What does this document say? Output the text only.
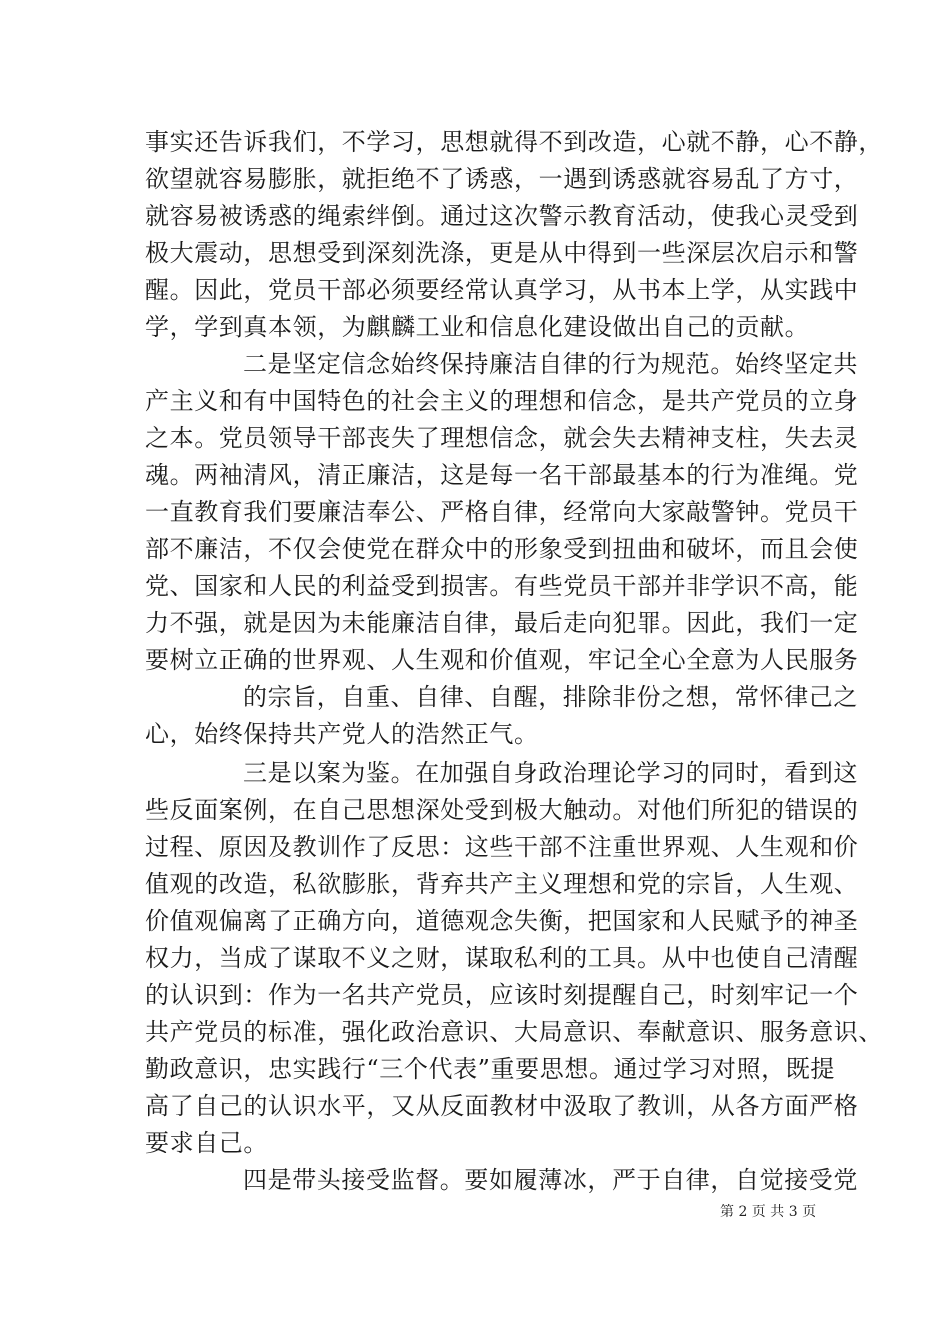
事实还告诉我们，不学习，思想就得不到改造，心就不静，心不静，

欲望就容易膨胀，就拒绝不了诱惑，一遇到诱惑就容易乱了方寸，

就容易被诱惑的绳索绊倒。通过这次警示教育活动，使我心灵受到

极大震动，思想受到深刻洗涤，更是从中得到一些深层次启示和警

醒。因此，党员干部必须要经常认真学习，从书本上学，从实践中

学，学到真本领，为麒麟工业和信息化建设做出自己的贡献。

二是坚定信念始终保持廉洁自律的行为规范。始终坚定共

产主义和有中国特色的社会主义的理想和信念，是共产党员的立身

之本。党员领导干部丧失了理想信念，就会失去精神支柱，失去灵

魂。两袖清风，清正廉洁，这是每一名干部最基本的行为准绳。党

一直教育我们要廉洁奉公、严格自律，经常向大家敲警钟。党员干

部不廉洁，不仅会使党在群众中的形象受到扭曲和破坏，而且会使

党、国家和人民的利益受到损害。有些党员干部并非学识不高，能

力不强，就是因为未能廉洁自律，最后走向犯罪。因此，我们一定

要树立正确的世界观、人生观和价值观，牢记全心全意为人民服务

的宗旨，自重、自律、自醒，排除非份之想，常怀律己之

心，始终保持共产党人的浩然正气。

三是以案为鉴。在加强自身政治理论学习的同时，看到这

些反面案例，在自己思想深处受到极大触动。对他们所犯的错误的

过程、原因及教训作了反思：这些干部不注重世界观、人生观和价

值观的改造，私欲膨胀，背弃共产主义理想和党的宗旨，人生观、

价值观偏离了正确方向，道德观念失衡，把国家和人民赋予的神圣

权力，当成了谋取不义之财，谋取私利的工具。从中也使自己清醒

的认识到：作为一名共产党员，应该时刻提醒自己，时刻牢记一个

共产党员的标准，强化政治意识、大局意识、奉献意识、服务意识、

勤政意识，忠实践行“三个代表”重要思想。通过学习对照，既提

高了自己的认识水平，又从反面教材中汲取了教训，从各方面严格

要求自己。

四是带头接受监督。要如履薄冰，严于自律，自觉接受党

第 2 页 共 3 页
